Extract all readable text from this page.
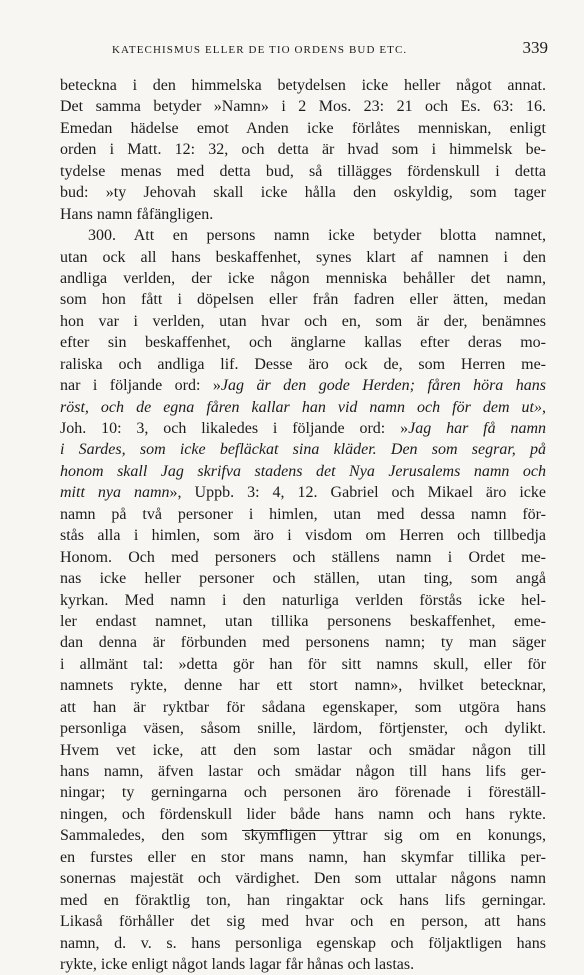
KATECHISMUS ELLER DE TIO ORDENS BUD ETC.	339
beteckna i den himmelska betydelsen icke heller något annat.
Det samma betyder »Namn» i 2 Mos. 23: 21 och Es. 63: 16.
Emedan hädelse emot Anden icke förlåtes menniskan, enligt
orden i Matt. 12: 32, och detta är hvad som i himmelsk be-
tydelse menas med detta bud, så tillägges fördenskull i detta
bud: »ty Jehovah skall icke hålla den oskyldig, som tager
Hans namn fåfängligen.
300. Att en persons namn icke betyder blotta namnet,
utan ock all hans beskaffenhet, synes klart af namnen i den
andliga verlden, der icke någon menniska behåller det namn,
som hon fått i döpelsen eller från fadren eller ätten, medan
hon var i verlden, utan hvar och en, som är der, benämnes
efter sin beskaffenhet, och änglarne kallas efter deras mo-
raliska och andliga lif. Desse äro ock de, som Herren me-
nar i följande ord: »Jag är den gode Herden; fåren höra hans
röst, och de egna fåren kallar han vid namn och för dem ut»,
Joh. 10: 3, och likaledes i följande ord: »Jag har få namn
i Sardes, som icke befläckat sina kläder. Den som segrar, på
honom skall Jag skrifva stadens det Nya Jerusalems namn och
mitt nya namn», Uppb. 3: 4, 12. Gabriel och Mikael äro icke
namn på två personer i himlen, utan med dessa namn för-
stås alla i himlen, som äro i visdom om Herren och tillbedja
Honom. Och med personers och ställens namn i Ordet me-
nas icke heller personer och ställen, utan ting, som angå
kyrkan. Med namn i den naturliga verlden förstås icke hel-
ler endast namnet, utan tillika personens beskaffenhet, eme-
dan denna är förbunden med personens namn; ty man säger
i allmänt tal: »detta gör han för sitt namns skull, eller för
namnets rykte, denne har ett stort namn», hvilket betecknar,
att han är ryktbar för sådana egenskaper, som utgöra hans
personliga väsen, såsom snille, lärdom, förtjenster, och dylikt.
Hvem vet icke, att den som lastar och smädar någon till
hans namn, äfven lastar och smädar någon till hans lifs ger-
ningar; ty gerningarna och personen äro förenade i föreställ-
ningen, och fördenskull lider både hans namn och hans rykte.
Sammaledes, den som skymfligen yttrar sig om en konungs,
en furstes eller en stor mans namn, han skymfar tillika per-
sonernas majestät och värdighet. Den som uttalar någons namn
med en föraktlig ton, han ringaktar ock hans lifs gerningar.
Likaså förhåller det sig med hvar och en person, att hans
namn, d. v. s. hans personliga egenskap och följaktligen hans
rykte, icke enligt något lands lagar får hånas och lastas.
